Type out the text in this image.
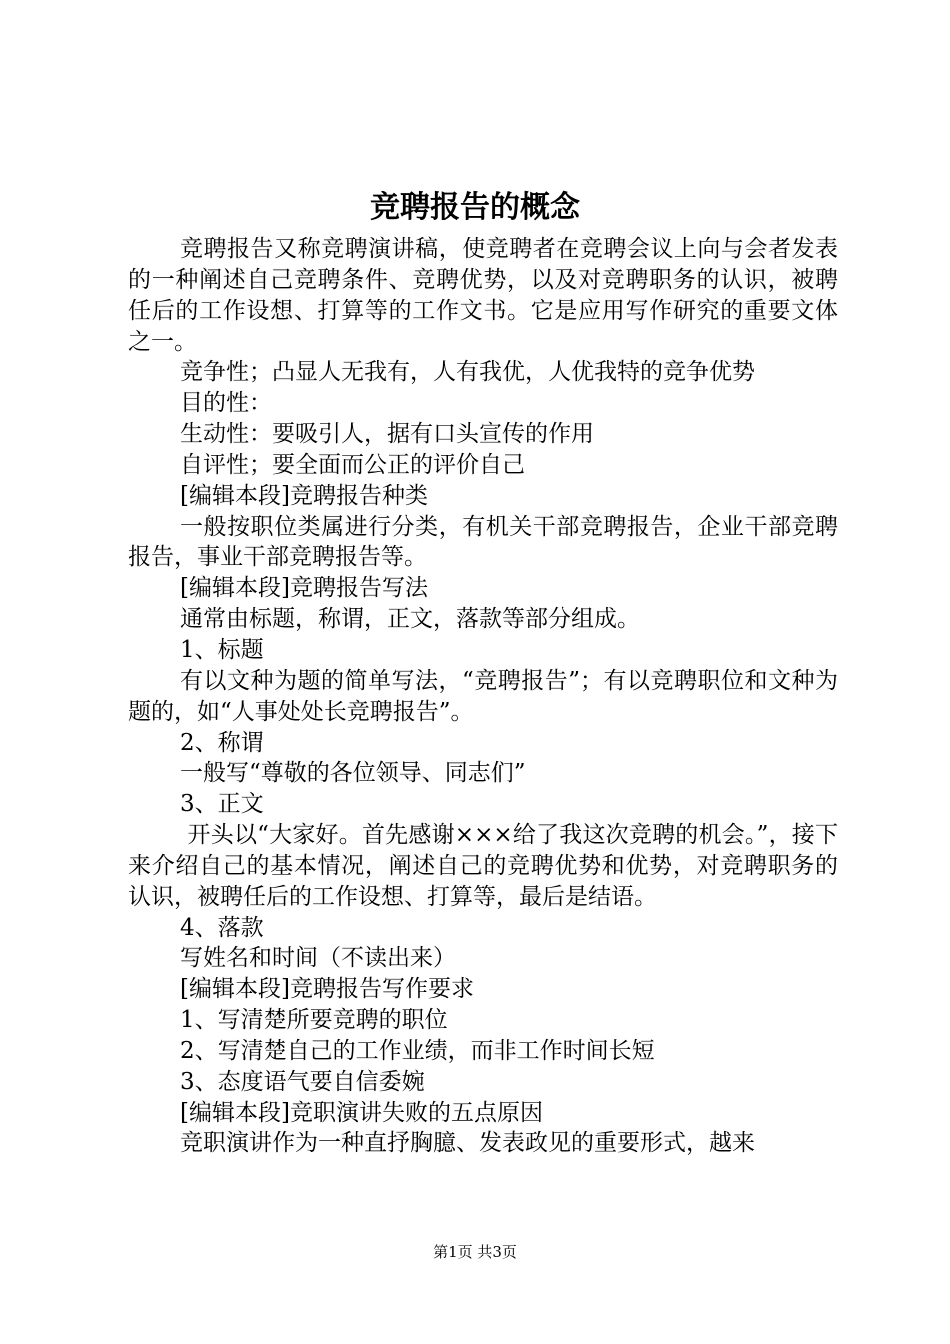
竞聘报告的概念

竞聘报告又称竞聘演讲稿，使竞聘者在竞聘会议上向与会者发表的一种阐述自己竞聘条件、竞聘优势，以及对竞聘职务的认识，被聘任后的工作设想、打算等的工作文书。它是应用写作研究的重要文体之一。

竞争性；凸显人无我有，人有我优，人优我特的竞争优势

目的性：

生动性：要吸引人，据有口头宣传的作用

自评性；要全面而公正的评价自己

[编辑本段]竞聘报告种类

一般按职位类属进行分类，有机关干部竞聘报告，企业干部竞聘报告，事业干部竞聘报告等。

[编辑本段]竞聘报告写法

通常由标题，称谓，正文，落款等部分组成。

1、标题

有以文种为题的简单写法，“竞聘报告”；有以竞聘职位和文种为题的，如“人事处处长竞聘报告”。

2、称谓

一般写“尊敬的各位领导、同志们”

3、正文

开头以“大家好。首先感谢×××给了我这次竞聘的机会。”，接下来介绍自己的基本情况，阐述自己的竞聘优势和优势，对竞聘职务的认识，被聘任后的工作设想、打算等，最后是结语。

4、落款

写姓名和时间（不读出来）

[编辑本段]竞聘报告写作要求

1、写清楚所要竞聘的职位

2、写清楚自己的工作业绩，而非工作时间长短

3、态度语气要自信委婉

[编辑本段]竞职演讲失败的五点原因

竞职演讲作为一种直抒胸臆、发表政见的重要形式，越来

第1页 共3页
